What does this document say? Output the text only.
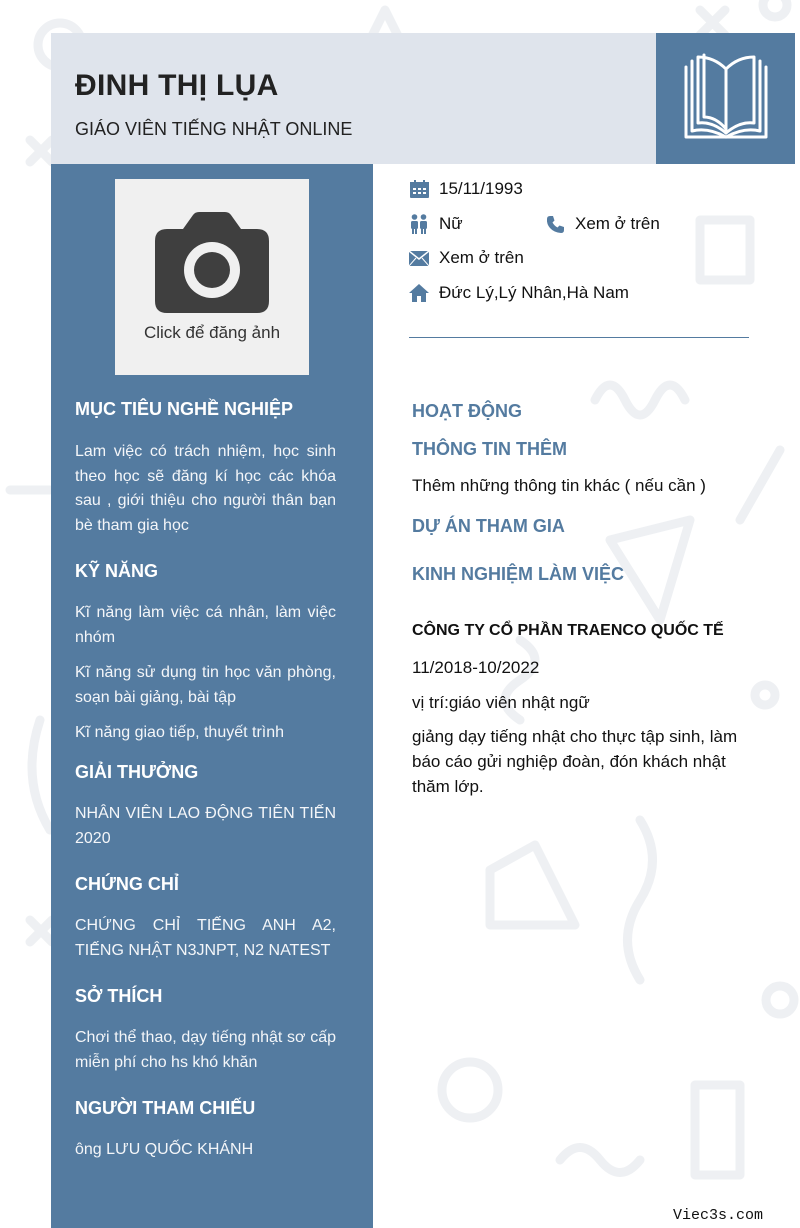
ĐINH THỊ LỤA
GIÁO VIÊN TIẾNG NHẬT ONLINE
Click để đăng ảnh
MỤC TIÊU NGHỀ NGHIỆP
Lam việc có trách nhiệm, học sinh theo học sẽ đăng kí học các khóa sau , giới thiệu cho người thân bạn bè tham gia học
KỸ NĂNG
Kĩ năng làm việc cá nhân, làm việc nhóm
Kĩ năng sử dụng tin học văn phòng, soạn bài giảng, bài tập
Kĩ năng giao tiếp, thuyết trình
GIẢI THƯỞNG
NHÂN VIÊN LAO ĐỘNG TIÊN TIẾN 2020
CHỨNG CHỈ
CHỨNG CHỈ TIẾNG ANH A2, TIẾNG NHẬT N3JNPT, N2 NATEST
SỞ THÍCH
Chơi thể thao, dạy tiếng nhật sơ cấp miễn phí cho hs khó khăn
NGƯỜI THAM CHIẾU
ông LƯU QUỐC KHÁNH
15/11/1993
Nữ	Xem ở trên
Xem ở trên
Đức Lý,Lý Nhân,Hà Nam
HOẠT ĐỘNG
THÔNG TIN THÊM
Thêm những thông tin khác ( nếu cần )
DỰ ÁN THAM GIA
KINH NGHIỆM LÀM VIỆC
CÔNG TY CỔ PHẦN TRAENCO QUỐC TẾ
11/2018-10/2022
vị trí:giáo viên nhật ngữ
giảng dạy tiếng nhật cho thực tập sinh, làm báo cáo gửi nghiệp đoàn, đón khách nhật thăm lớp.
Viec3s.com
